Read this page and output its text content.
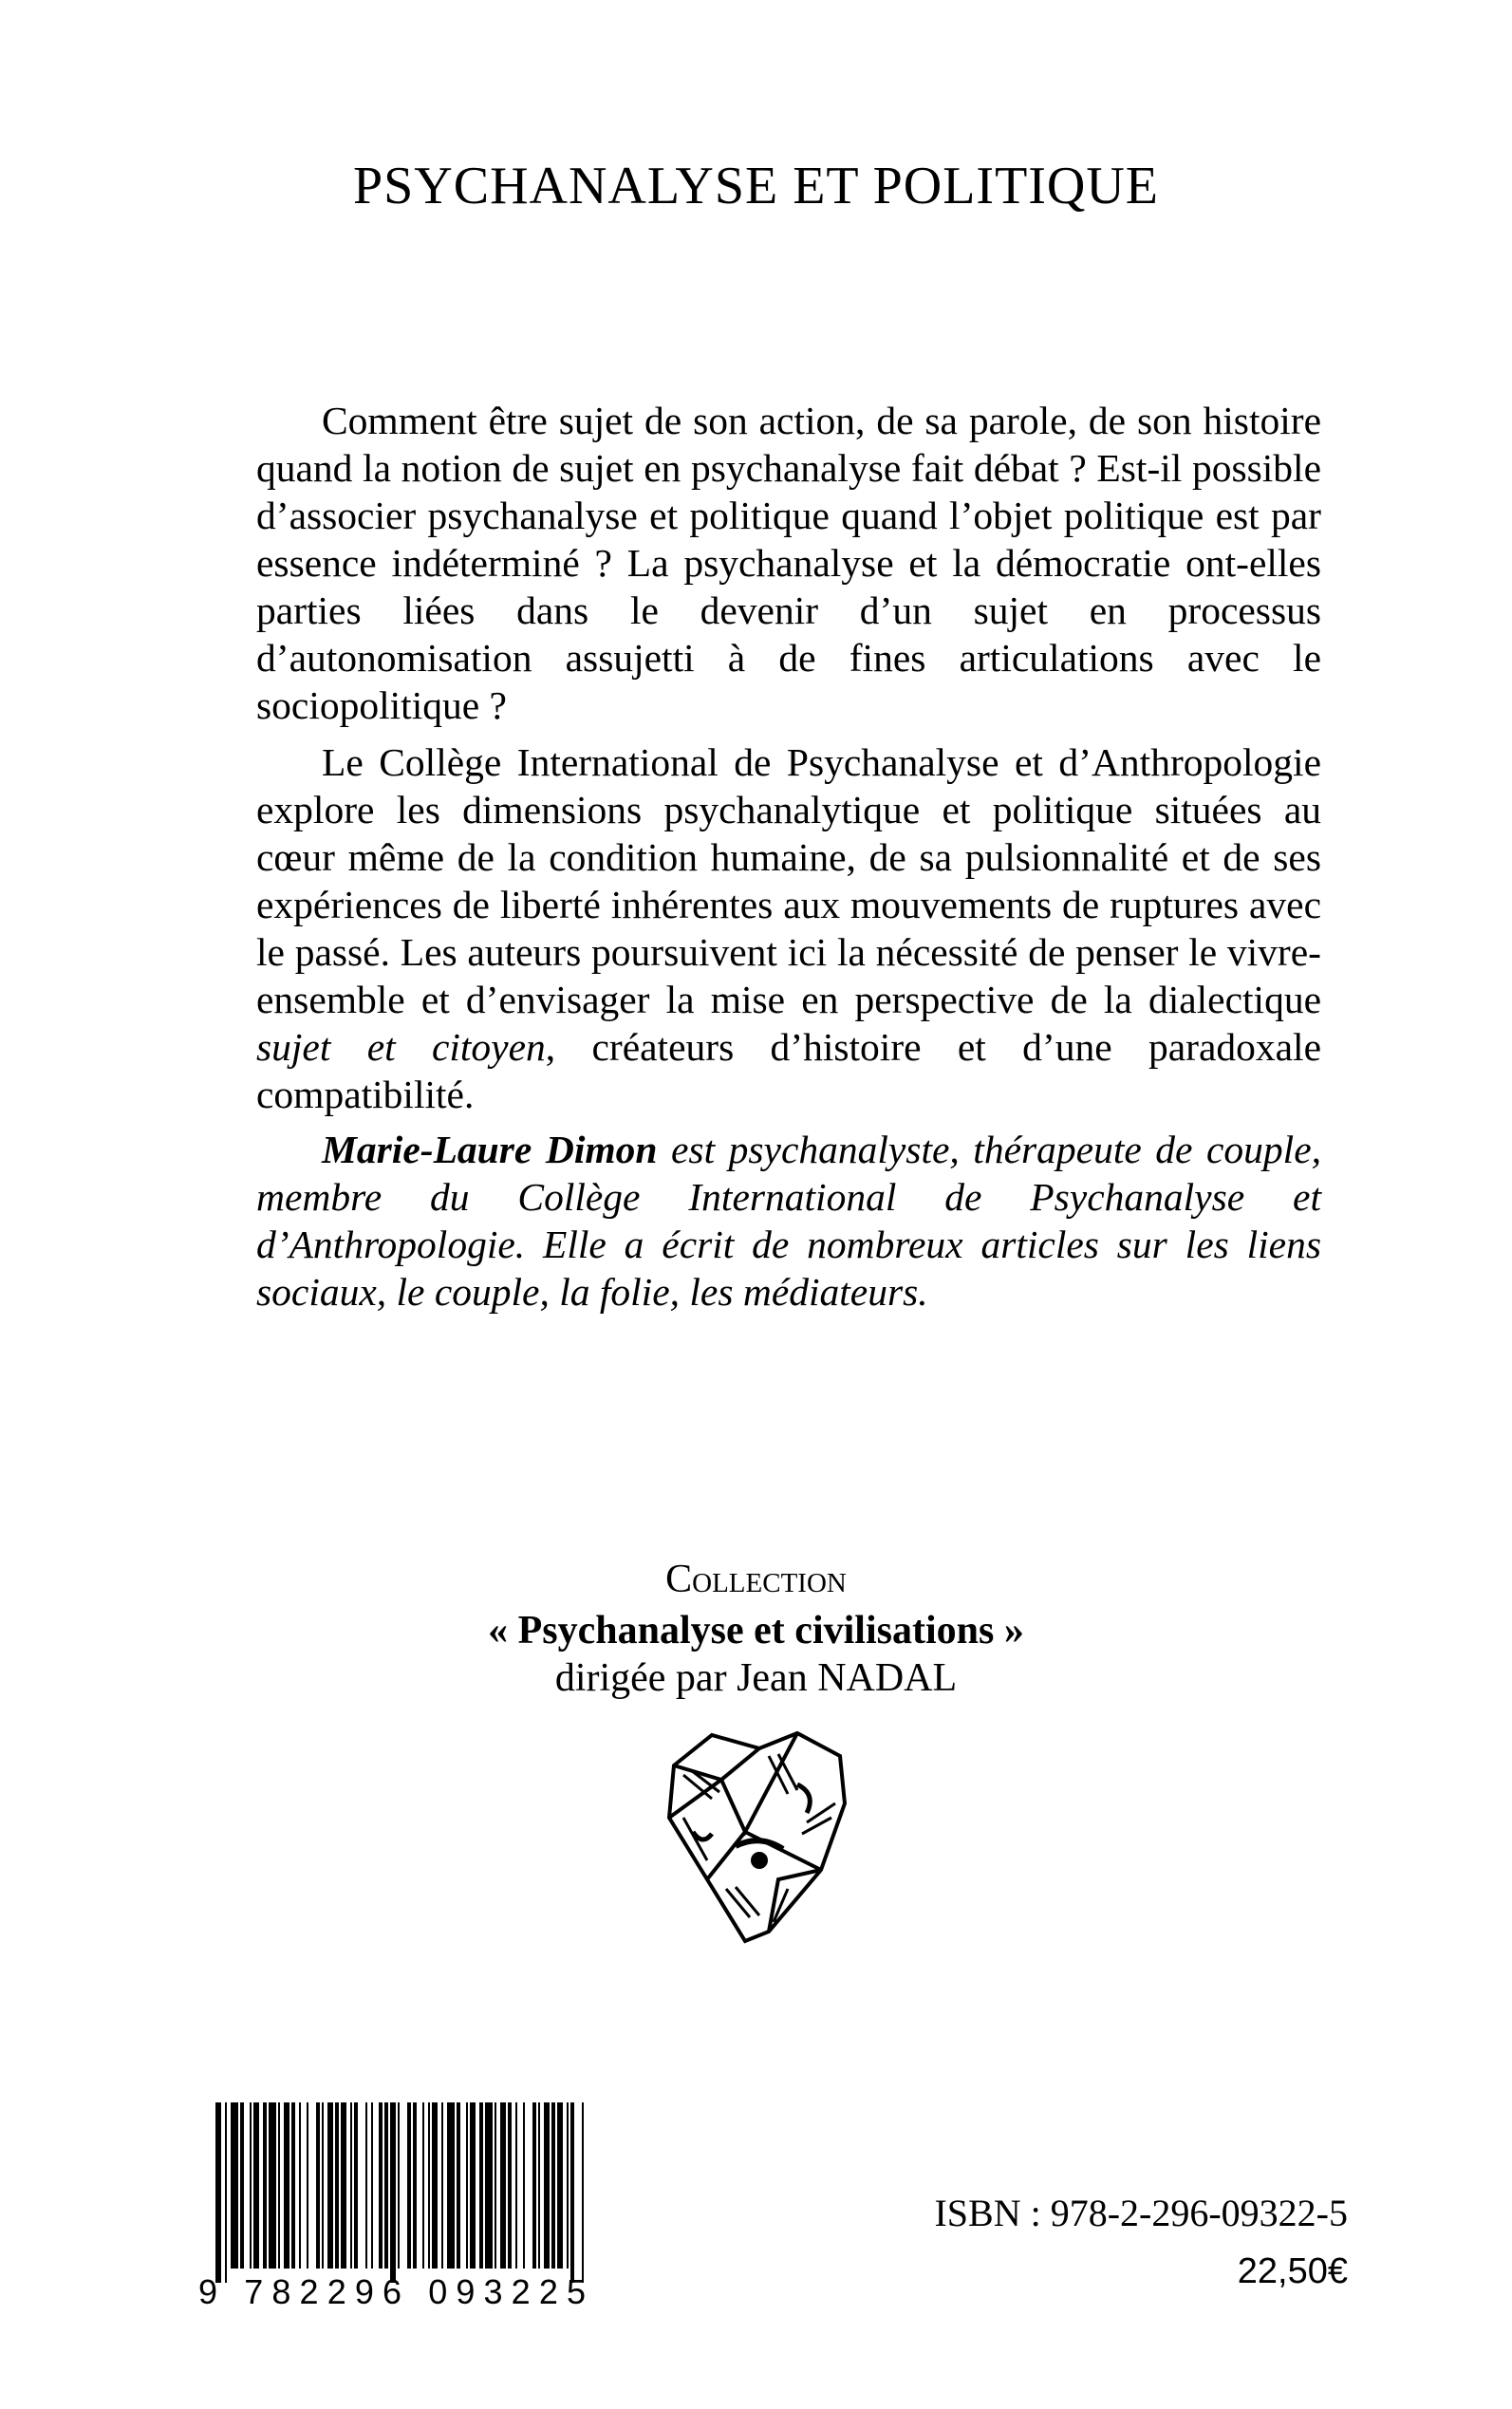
PSYCHANALYSE ET POLITIQUE

Comment être sujet de son action, de sa parole, de son histoire quand la notion de sujet en psychanalyse fait débat ? Est-il possible d’associer psychanalyse et politique quand l’objet politique est par essence indéterminé ? La psychanalyse et la démocratie ont-elles parties liées dans le devenir d’un sujet en processus d’autonomisation assujetti à de fines articulations avec le sociopolitique ?

Le Collège International de Psychanalyse et d’Anthropologie explore les dimensions psychanalytique et politique situées au cœur même de la condition humaine, de sa pulsionnalité et de ses expériences de liberté inhérentes aux mouvements de ruptures avec le passé. Les auteurs poursuivent ici la nécessité de penser le vivre-ensemble et d’envisager la mise en perspective de la dialectique sujet et citoyen, créateurs d’histoire et d’une paradoxale compatibilité.

Marie-Laure Dimon est psychanalyste, thérapeute de couple, membre du Collège International de Psychanalyse et d’Anthropologie. Elle a écrit de nombreux articles sur les liens sociaux, le couple, la folie, les médiateurs.

Collection
« Psychanalyse et civilisations »
dirigée par Jean NADAL
9 782296 093225
ISBN : 978-2-296-09322-5
22,50€
